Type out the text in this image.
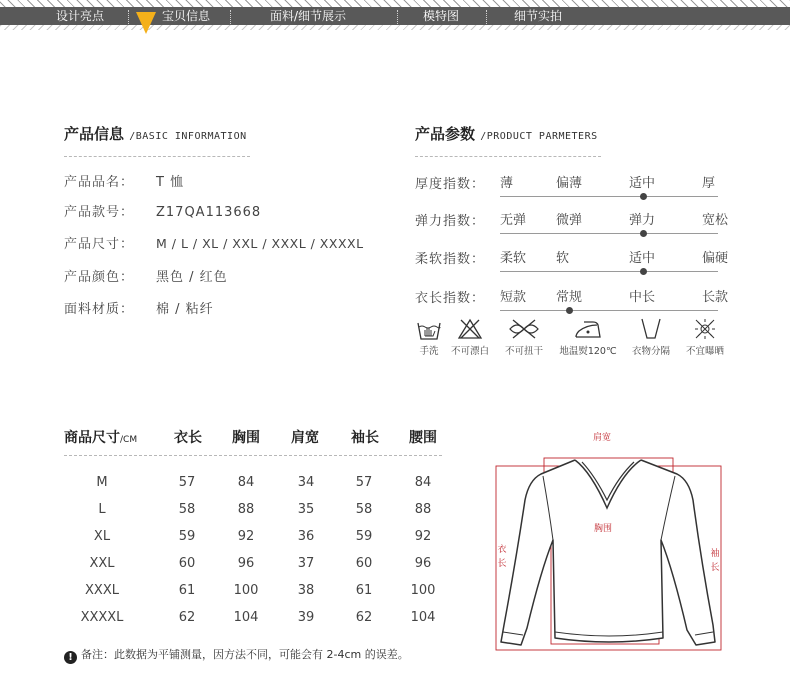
设计亮点	宝贝信息	面料/细节展示	模特图	细节实拍
产品信息 /BASIC INFORMATION
产品品名： T 恤
产品款号： Z17QA113668
产品尺寸： M / L / XL / XXL / XXXL / XXXXL
产品颜色： 黑色 / 红色
面料材质： 棉 / 粘纤
产品参数 /PRODUCT PARMETERS
厚度指数： 薄	偏薄	适中	厚
弹力指数： 无弹 微弹	弹力	宽松
柔软指数： 柔软 软	适中	偏硬
衣长指数： 短款 常规	中长	长款
手洗	不可漂白	不可扭干	地温熨120℃	衣物分隔	不宜曝晒
商品尺寸/CM	衣长 胸围 肩宽 袖长 腰围
M	57	84	34	57	84
L	58	88	35	58	88
XL	59	92	36	59	92
XXL	60	96	37	60	96
XXXL	61	100	38	61	100
XXXXL	62	104	39	62	104
! 备注：此数据为平铺测量，因方法不同，可能会有 2-4cm 的误差。
肩宽
胸围
衣长
袖长
